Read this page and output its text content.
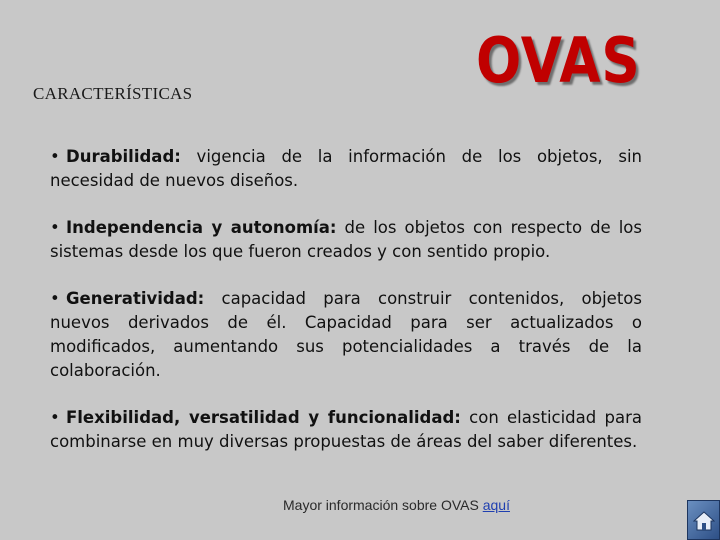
CARACTERÍSTICAS	OVAS

• Durabilidad: vigencia de la información de los objetos, sin necesidad de nuevos diseños.

• Independencia y autonomía: de los objetos con respecto de los sistemas desde los que fueron creados y con sentido propio.

• Generatividad: capacidad para construir contenidos, objetos nuevos derivados de él. Capacidad para ser actualizados o modificados, aumentando sus potencialidades a través de la colaboración.

• Flexibilidad, versatilidad y funcionalidad: con elasticidad para combinarse en muy diversas propuestas de áreas del saber diferentes.

Mayor información sobre OVAS aquí
